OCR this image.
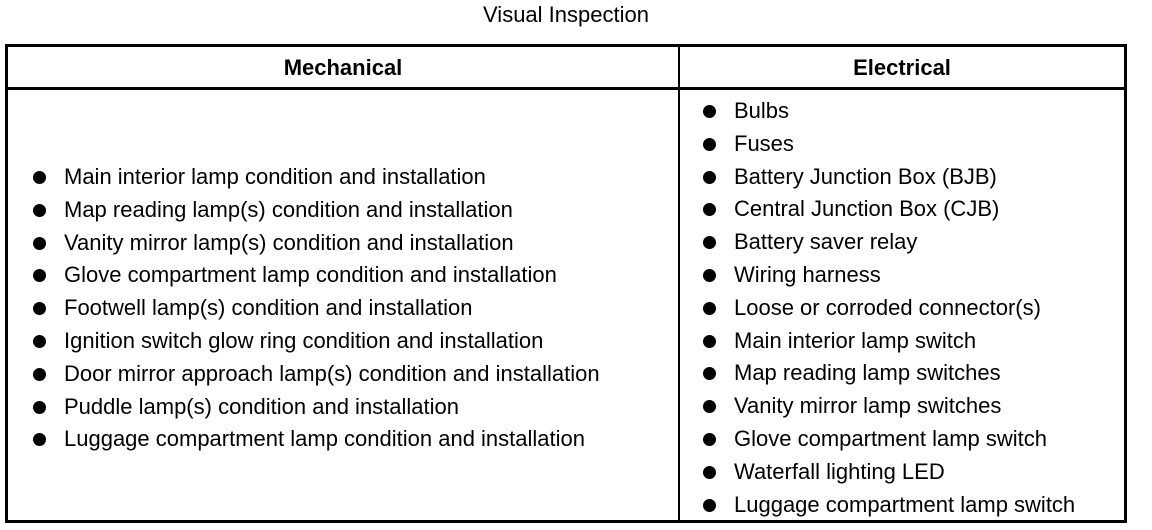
Visual Inspection
Mechanical	Electrical
Main interior lamp condition and installation
Map reading lamp(s) condition and installation
Vanity mirror lamp(s) condition and installation
Glove compartment lamp condition and installation
Footwell lamp(s) condition and installation
Ignition switch glow ring condition and installation
Door mirror approach lamp(s) condition and installation
Puddle lamp(s) condition and installation
Luggage compartment lamp condition and installation
Bulbs
Fuses
Battery Junction Box (BJB)
Central Junction Box (CJB)
Battery saver relay
Wiring harness
Loose or corroded connector(s)
Main interior lamp switch
Map reading lamp switches
Vanity mirror lamp switches
Glove compartment lamp switch
Waterfall lighting LED
Luggage compartment lamp switch
